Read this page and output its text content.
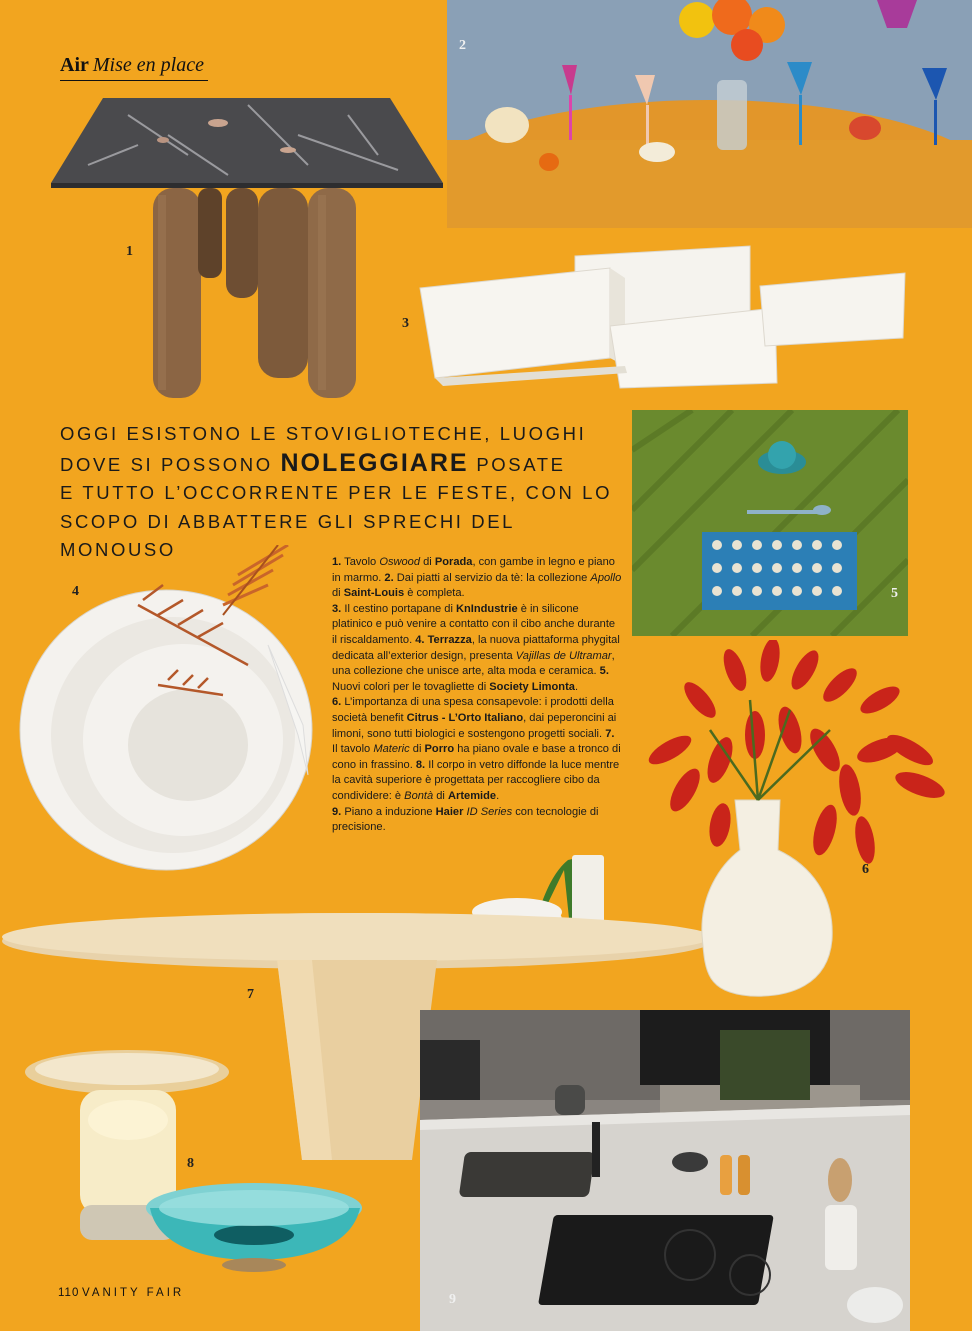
Air Mise en place
1
2
3
OGGI ESISTONO LE STOVIGLIOTECHE, LUOGHI
DOVE SI POSSONO NOLEGGIARE POSATE
E TUTTO L’OCCORRENTE PER LE FESTE, CON LO
SCOPO DI ABBATTERE GLI SPRECHI DEL MONOUSO
5
4
1. Tavolo Oswood di Porada, con gambe in legno e piano in marmo. 2. Dai piatti al servizio da tè: la collezione Apollo di Saint-Louis è completa.
3. Il cestino portapane di KnIndustrie è in silicone platinico e può venire a contatto con il cibo anche durante il riscaldamento. 4. Terrazza, la nuova piattaforma phygital dedicata all’exterior design, presenta Vajillas de Ultramar, una collezione che unisce arte, alta moda e ceramica. 5. Nuovi colori per le tovagliette di Society Limonta.
6. L’importanza di una spesa consapevole: i prodotti della società benefit Citrus - L’Orto Italiano, dai peperoncini ai limoni, sono tutti biologici e sostengono progetti sociali. 7. Il tavolo Materic di Porro ha piano ovale e base a tronco di cono in frassino. 8. Il corpo in vetro diffonde la luce mentre la cavità superiore è progettata per raccogliere cibo da condividere: è Bontà di Artemide.
9. Piano a induzione Haier ID Series con tecnologie di precisione.
7
6
8
9
110 VANITY FAIR
